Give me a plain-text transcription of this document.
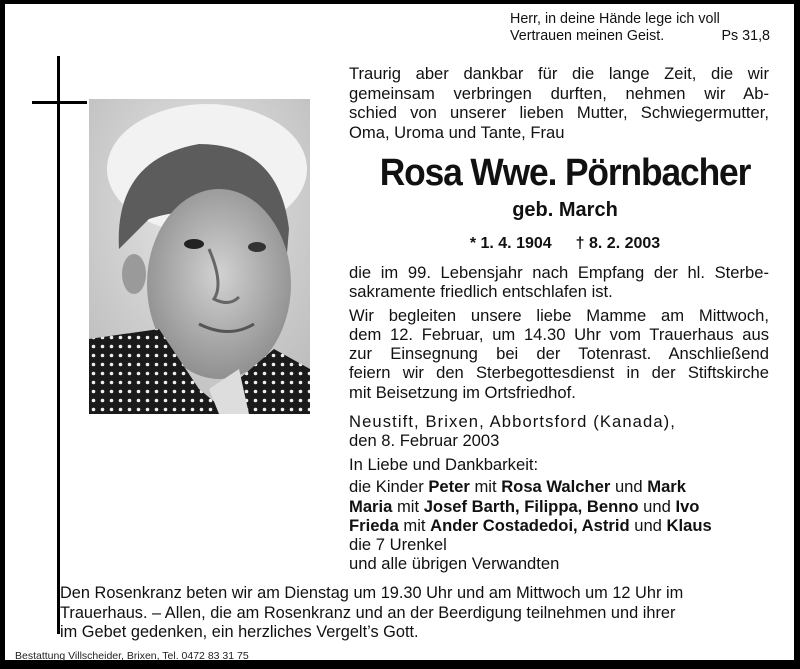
Herr, in deine Hände lege ich voll
Vertrauen meinen Geist.	Ps 31,8
Traurig aber dankbar für die lange Zeit, die wir
gemeinsam verbringen durften, nehmen wir Ab-
schied von unserer lieben Mutter, Schwiegermutter,
Oma, Uroma und Tante, Frau
Rosa Wwe. Pörnbacher
geb. March
* 1. 4. 1904 † 8. 2. 2003
die im 99. Lebensjahr nach Empfang der hl. Sterbe-
sakramente friedlich entschlafen ist.
Wir begleiten unsere liebe Mamme am Mittwoch,
dem 12. Februar, um 14.30 Uhr vom Trauerhaus aus
zur Einsegnung bei der Totenrast. Anschließend
feiern wir den Sterbegottesdienst in der Stiftskirche
mit Beisetzung im Ortsfriedhof.
Neustift, Brixen, Abbortsford (Kanada),
den 8. Februar 2003
In Liebe und Dankbarkeit:
die Kinder Peter mit Rosa Walcher und Mark
Maria mit Josef Barth, Filippa, Benno und Ivo
Frieda mit Ander Costadedoi, Astrid und Klaus
die 7 Urenkel
und alle übrigen Verwandten
Den Rosenkranz beten wir am Dienstag um 19.30 Uhr und am Mittwoch um 12 Uhr im
Trauerhaus. – Allen, die am Rosenkranz und an der Beerdigung teilnehmen und ihrer
im Gebet gedenken, ein herzliches Vergelt’s Gott.
Bestattung Villscheider, Brixen, Tel. 0472 83 31 75
